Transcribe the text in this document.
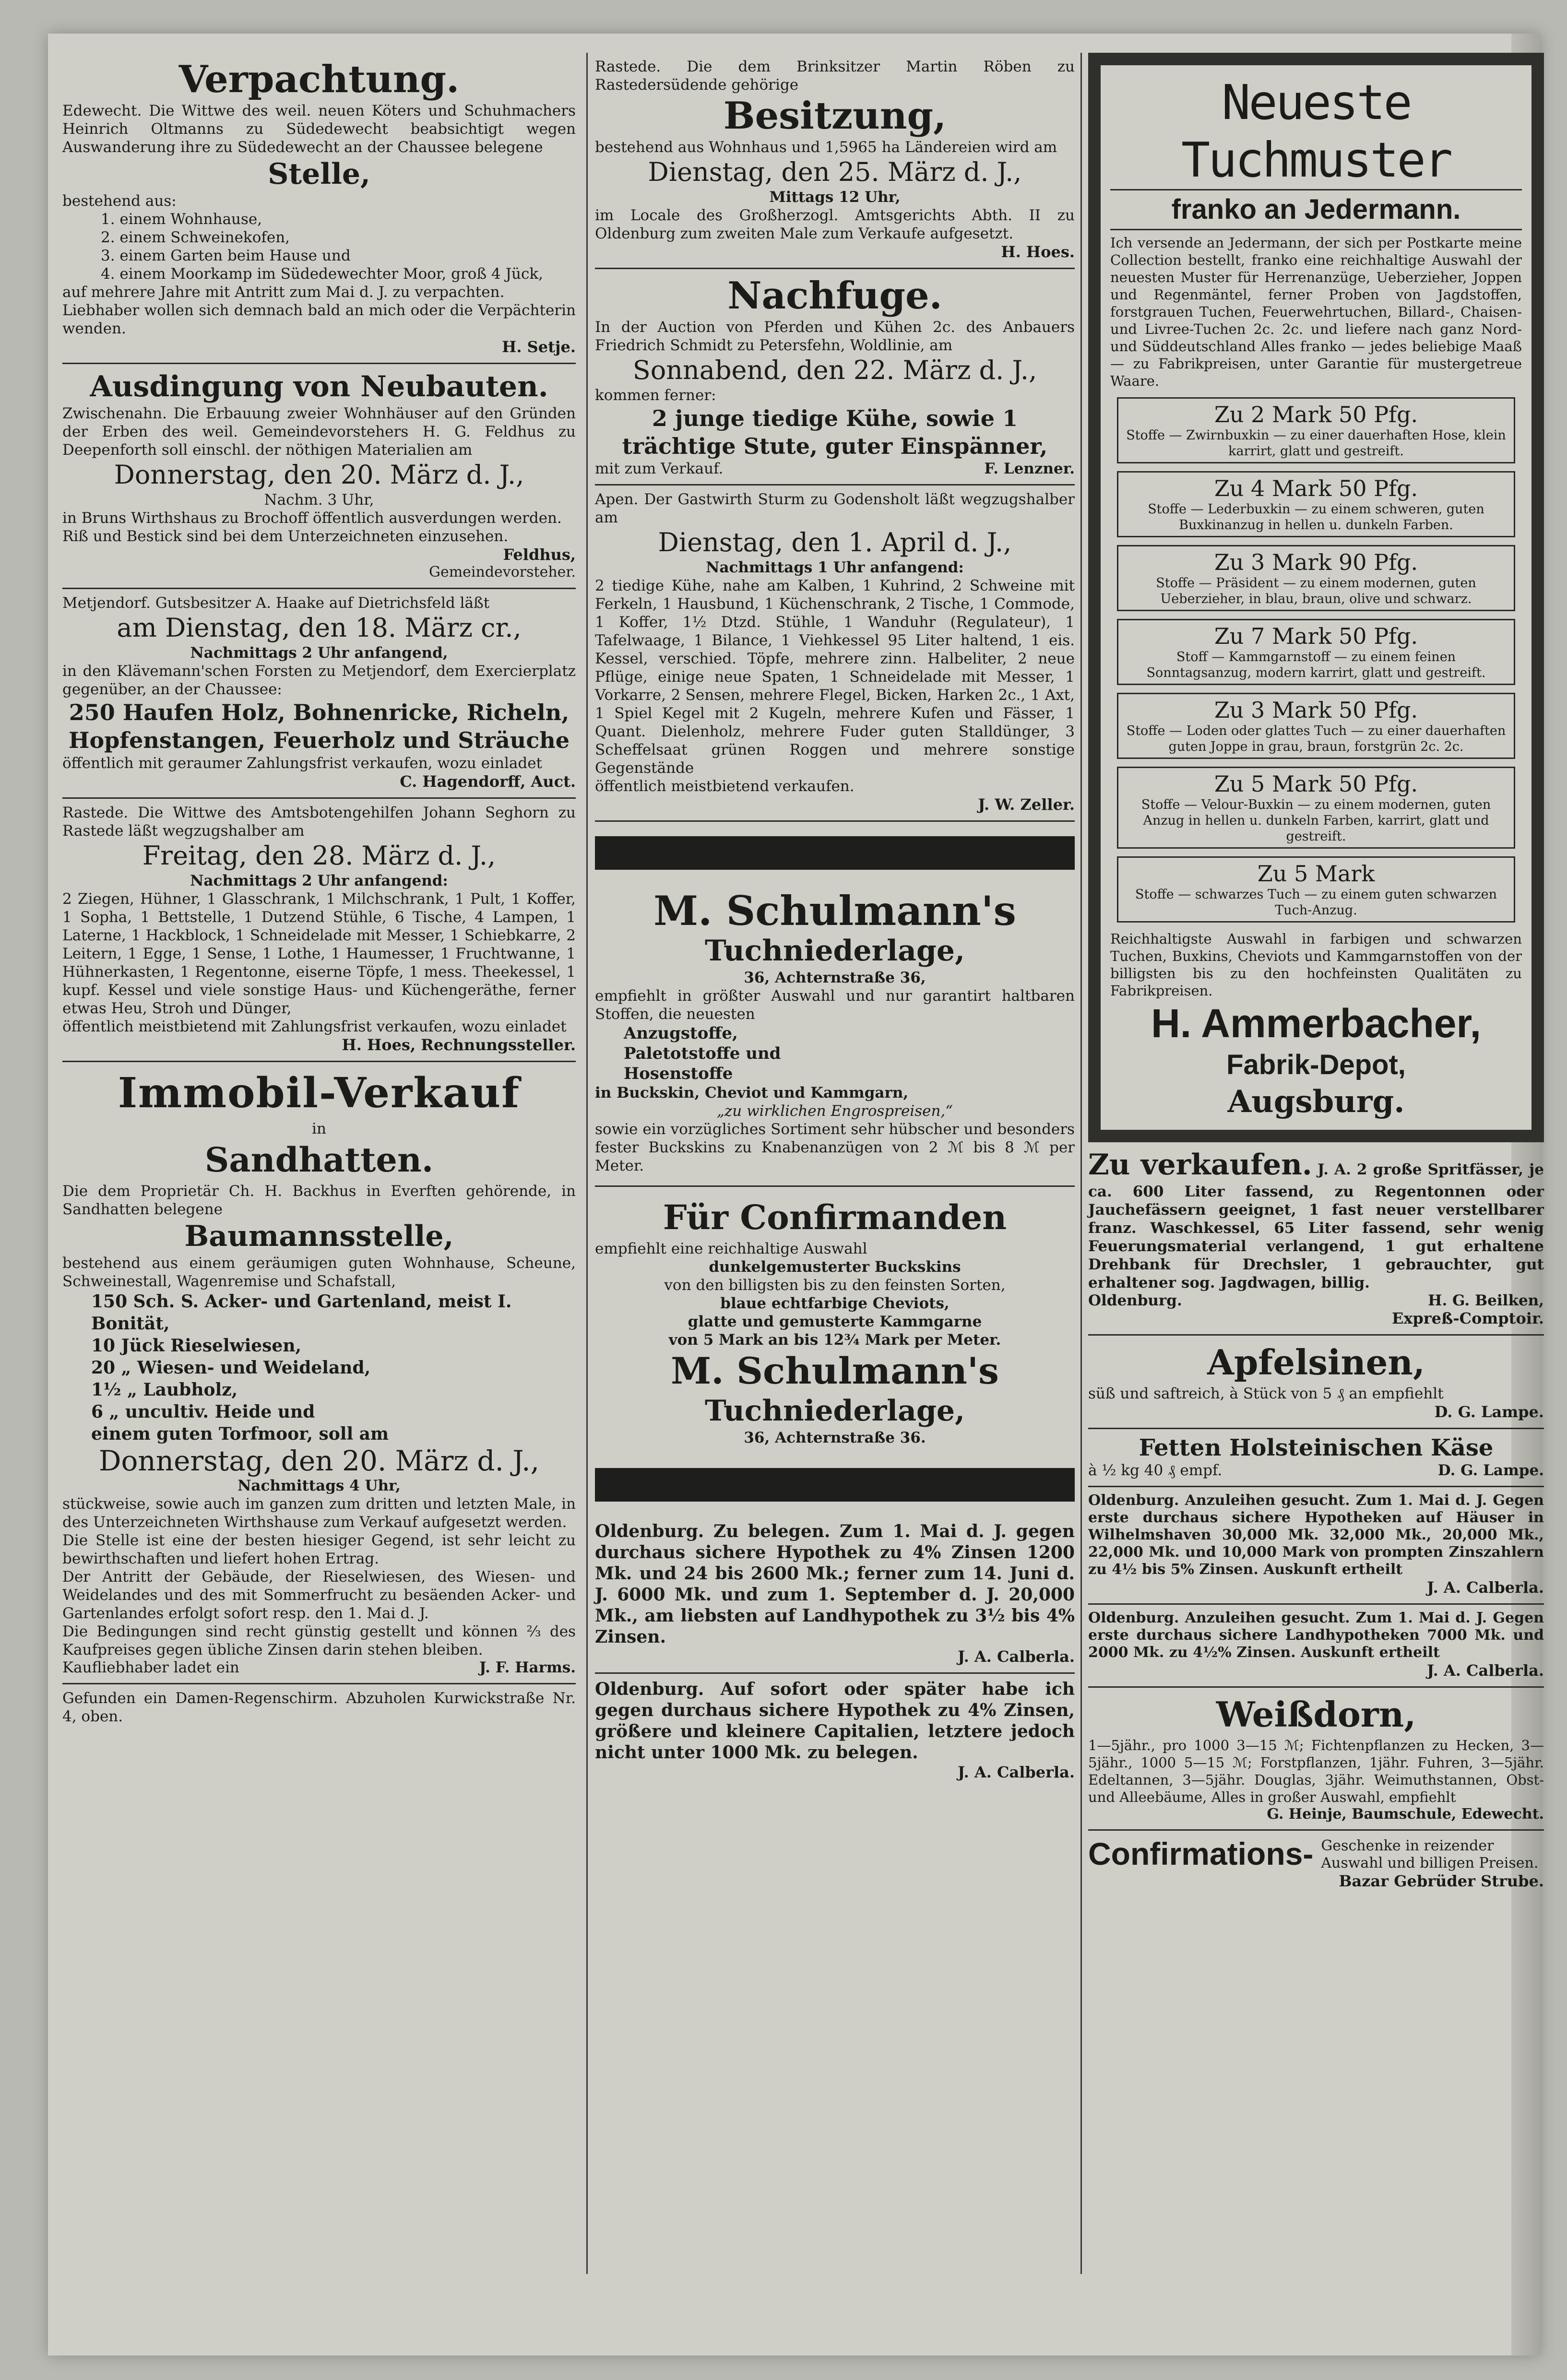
Verpachtung.

Edewecht. Die Wittwe des weil. neuen Köters und Schuhmachers Heinrich Oltmanns zu Südedewecht beabsichtigt wegen Auswanderung ihre zu Südedewecht an der Chaussee belegene

Stelle,

bestehend aus:

1. einem Wohnhause,

2. einem Schweinekofen,

3. einem Garten beim Hause und

4. einem Moorkamp im Südedewechter Moor, groß 4 Jück,

auf mehrere Jahre mit Antritt zum Mai d. J. zu verpachten.

Liebhaber wollen sich demnach bald an mich oder die Verpächterin wenden.

H. Setje.

Ausdingung von Neubauten.

Zwischenahn. Die Erbauung zweier Wohnhäuser auf den Gründen der Erben des weil. Gemeindevorstehers H. G. Feldhus zu Deepenforth soll einschl. der nöthigen Materialien am

Donnerstag, den 20. März d. J.,

Nachm. 3 Uhr,

in Bruns Wirthshaus zu Brochoff öffentlich ausverdungen werden.

Riß und Bestick sind bei dem Unterzeichneten einzusehen.

Feldhus,

Gemeindevorsteher.

Metjendorf. Gutsbesitzer A. Haake auf Dietrichsfeld läßt

am Dienstag, den 18. März cr.,

Nachmittags 2 Uhr anfangend,

in den Klävemann'schen Forsten zu Metjendorf, dem Exercierplatz gegenüber, an der Chaussee:

250 Haufen Holz, Bohnenricke, Richeln, Hopfenstangen, Feuerholz und Sträuche

öffentlich mit geraumer Zahlungsfrist verkaufen, wozu einladet

C. Hagendorff, Auct.

Rastede. Die Wittwe des Amtsbotengehilfen Johann Seghorn zu Rastede läßt wegzugshalber am

Freitag, den 28. März d. J.,

Nachmittags 2 Uhr anfangend:

2 Ziegen, Hühner, 1 Glasschrank, 1 Milchschrank, 1 Pult, 1 Koffer, 1 Sopha, 1 Bettstelle, 1 Dutzend Stühle, 6 Tische, 4 Lampen, 1 Laterne, 1 Hackblock, 1 Schneidelade mit Messer, 1 Schiebkarre, 2 Leitern, 1 Egge, 1 Sense, 1 Lothe, 1 Haumesser, 1 Fruchtwanne, 1 Hühnerkasten, 1 Regentonne, eiserne Töpfe, 1 mess. Theekessel, 1 kupf. Kessel und viele sonstige Haus- und Küchengeräthe, ferner etwas Heu, Stroh und Dünger,

öffentlich meistbietend mit Zahlungsfrist verkaufen, wozu einladet

H. Hoes, Rechnungssteller.

Immobil-Verkauf

in

Sandhatten.

Die dem Proprietär Ch. H. Backhus in Everften gehörende, in Sandhatten belegene

Baumannsstelle,

bestehend aus einem geräumigen guten Wohnhause, Scheune, Schweinestall, Wagenremise und Schafstall,

150 Sch. S. Acker- und Gartenland, meist I. Bonität,

10 Jück Rieselwiesen,

20 „ Wiesen- und Weideland,

1½ „ Laubholz,

6 „ uncultiv. Heide und

einem guten Torfmoor, soll am

Donnerstag, den 20. März d. J.,

Nachmittags 4 Uhr,

stückweise, sowie auch im ganzen zum dritten und letzten Male, in des Unterzeichneten Wirthshause zum Verkauf aufgesetzt werden.

Die Stelle ist eine der besten hiesiger Gegend, ist sehr leicht zu bewirthschaften und liefert hohen Ertrag.

Der Antritt der Gebäude, der Rieselwiesen, des Wiesen- und Weidelandes und des mit Sommerfrucht zu besäenden Acker- und Gartenlandes erfolgt sofort resp. den 1. Mai d. J.

Die Bedingungen sind recht günstig gestellt und können ⅔ des Kaufpreises gegen übliche Zinsen darin stehen bleiben.

Kaufliebhaber ladet ein	J. F. Harms.

Gefunden ein Damen-Regenschirm. Abzuholen Kurwickstraße Nr. 4, oben.

Rastede. Die dem Brinksitzer Martin Röben zu Rastedersüdende gehörige

Besitzung,

bestehend aus Wohnhaus und 1,5965 ha Ländereien wird am

Dienstag, den 25. März d. J.,

Mittags 12 Uhr,

im Locale des Großherzogl. Amtsgerichts Abth. II zu Oldenburg zum zweiten Male zum Verkaufe aufgesetzt.

H. Hoes.

Nachfuge.

In der Auction von Pferden und Kühen 2c. des Anbauers Friedrich Schmidt zu Petersfehn, Woldlinie, am

Sonnabend, den 22. März d. J.,

kommen ferner:

2 junge tiedige Kühe, sowie 1 trächtige Stute, guter Einspänner,

mit zum Verkauf.	F. Lenzner.

Apen. Der Gastwirth Sturm zu Godensholt läßt wegzugshalber am

Dienstag, den 1. April d. J.,

Nachmittags 1 Uhr anfangend:

2 tiedige Kühe, nahe am Kalben, 1 Kuhrind, 2 Schweine mit Ferkeln, 1 Hausbund, 1 Küchenschrank, 2 Tische, 1 Commode, 1 Koffer, 1½ Dtzd. Stühle, 1 Wanduhr (Regulateur), 1 Tafelwaage, 1 Bilance, 1 Viehkessel 95 Liter haltend, 1 eis. Kessel, verschied. Töpfe, mehrere zinn. Halbeliter, 2 neue Pflüge, einige neue Spaten, 1 Schneidelade mit Messer, 1 Vorkarre, 2 Sensen, mehrere Flegel, Bicken, Harken 2c., 1 Axt, 1 Spiel Kegel mit 2 Kugeln, mehrere Kufen und Fässer, 1 Quant. Dielenholz, mehrere Fuder guten Stalldünger, 3 Scheffelsaat grünen Roggen und mehrere sonstige Gegenstände

öffentlich meistbietend verkaufen.

J. W. Zeller.

M. Schulmann's

Tuchniederlage,

36, Achternstraße 36,

empfiehlt in größter Auswahl und nur garantirt haltbaren Stoffen, die neuesten

Anzugstoffe,

Paletotstoffe und

Hosenstoffe

in Buckskin, Cheviot und Kammgarn,

„zu wirklichen Engrospreisen,“

sowie ein vorzügliches Sortiment sehr hübscher und besonders fester Buckskins zu Knabenanzügen von 2 ℳ bis 8 ℳ per Meter.

Für Confirmanden

empfiehlt eine reichhaltige Auswahl

dunkelgemusterter Buckskins

von den billigsten bis zu den feinsten Sorten,

blaue echtfarbige Cheviots,

glatte und gemusterte Kammgarne

von 5 Mark an bis 12¾ Mark per Meter.

M. Schulmann's

Tuchniederlage,

36, Achternstraße 36.

Oldenburg. Zu belegen. Zum 1. Mai d. J. gegen durchaus sichere Hypothek zu 4% Zinsen 1200 Mk. und 24 bis 2600 Mk.; ferner zum 14. Juni d. J. 6000 Mk. und zum 1. September d. J. 20,000 Mk., am liebsten auf Landhypothek zu 3½ bis 4% Zinsen.

J. A. Calberla.

Oldenburg. Auf sofort oder später habe ich gegen durchaus sichere Hypothek zu 4% Zinsen, größere und kleinere Capitalien, letztere jedoch nicht unter 1000 Mk. zu belegen.

J. A. Calberla.

Neueste Tuchmuster

franko an Jedermann.

Ich versende an Jedermann, der sich per Postkarte meine Collection bestellt, franko eine reichhaltige Auswahl der neuesten Muster für Herrenanzüge, Ueberzieher, Joppen und Regenmäntel, ferner Proben von Jagdstoffen, forstgrauen Tuchen, Feuerwehrtuchen, Billard-, Chaisen- und Livree-Tuchen 2c. 2c. und liefere nach ganz Nord- und Süddeutschland Alles franko — jedes beliebige Maaß — zu Fabrikpreisen, unter Garantie für mustergetreue Waare.

Zu 2 Mark 50 Pfg.

Stoffe — Zwirnbuxkin — zu einer dauerhaften Hose, klein karrirt, glatt und gestreift.

Zu 4 Mark 50 Pfg.

Stoffe — Lederbuxkin — zu einem schweren, guten Buxkinanzug in hellen u. dunkeln Farben.

Zu 3 Mark 90 Pfg.

Stoffe — Präsident — zu einem modernen, guten Ueberzieher, in blau, braun, olive und schwarz.

Zu 7 Mark 50 Pfg.

Stoff — Kammgarnstoff — zu einem feinen Sonntagsanzug, modern karrirt, glatt und gestreift.

Zu 3 Mark 50 Pfg.

Stoffe — Loden oder glattes Tuch — zu einer dauerhaften guten Joppe in grau, braun, forstgrün 2c. 2c.

Zu 5 Mark 50 Pfg.

Stoffe — Velour-Buxkin — zu einem modernen, guten Anzug in hellen u. dunkeln Farben, karrirt, glatt und gestreift.

Zu 5 Mark

Stoffe — schwarzes Tuch — zu einem guten schwarzen Tuch-Anzug.

Reichhaltigste Auswahl in farbigen und schwarzen Tuchen, Buxkins, Cheviots und Kammgarnstoffen von der billigsten bis zu den hochfeinsten Qualitäten zu Fabrikpreisen.

H. Ammerbacher,

Fabrik-Depot,

Augsburg.

Zu verkaufen. J. A. 2 große Spritfässer, je ca. 600 Liter fassend, zu Regentonnen oder Jauchefässern geeignet, 1 fast neuer verstellbarer franz. Waschkessel, 65 Liter fassend, sehr wenig Feuerungsmaterial verlangend, 1 gut erhaltene Drehbank für Drechsler, 1 gebrauchter, gut erhaltener sog. Jagdwagen, billig.

Oldenburg.	H. G. Beilken,

Expreß-Comptoir.

Apfelsinen,

süß und saftreich, à Stück von 5 ₰ an empfiehlt

D. G. Lampe.

Fetten Holsteinischen Käse

à ½ kg 40 ₰ empf.	D. G. Lampe.

Oldenburg. Anzuleihen gesucht. Zum 1. Mai d. J. Gegen erste durchaus sichere Hypotheken auf Häuser in Wilhelmshaven 30,000 Mk. 32,000 Mk., 20,000 Mk., 22,000 Mk. und 10,000 Mark von prompten Zinszahlern zu 4½ bis 5% Zinsen. Auskunft ertheilt

J. A. Calberla.

Oldenburg. Anzuleihen gesucht. Zum 1. Mai d. J. Gegen erste durchaus sichere Landhypotheken 7000 Mk. und 2000 Mk. zu 4½% Zinsen. Auskunft ertheilt

J. A. Calberla.

Weißdorn,

1—5jähr., pro 1000 3—15 ℳ; Fichtenpflanzen zu Hecken, 3—5jähr., 1000 5—15 ℳ; Forstpflanzen, 1jähr. Fuhren, 3—5jähr. Edeltannen, 3—5jähr. Douglas, 3jähr. Weimuthstannen, Obst- und Alleebäume, Alles in großer Auswahl, empfiehlt

G. Heinje, Baumschule, Edewecht.

Confirmations- Geschenke in reizender Auswahl und billigen Preisen.

Bazar Gebrüder Strube.
